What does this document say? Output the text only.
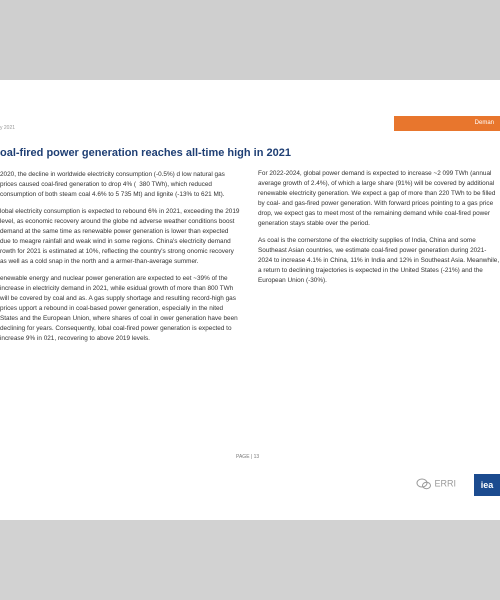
y 2021
Deman
oal-fired power generation reaches all-time high in 2021

2020, the decline in worldwide electricity consumption (-0.5%) d low natural gas prices caused coal-fired generation to drop 4% ( 380 TWh), which reduced consumption of both steam coal 4.6% to 5 735 Mt) and lignite (-13% to 621 Mt).

lobal electricity consumption is expected to rebound 6% in 2021, exceeding the 2019 level, as economic recovery around the globe nd adverse weather conditions boost demand at the same time as renewable power generation is lower than expected due to meagre rainfall and weak wind in some regions. China's electricity demand rowth for 2021 is estimated at 10%, reflecting the country's strong onomic recovery as well as a cold snap in the north and a armer-than-average summer.

enewable energy and nuclear power generation are expected to eet ~39% of the increase in electricity demand in 2021, while esidual growth of more than 800 TWh will be covered by coal and as. A gas supply shortage and resulting record-high gas prices upport a rebound in coal-based power generation, especially in the nited States and the European Union, where shares of coal in ower generation have been declining for years. Consequently, lobal coal-fired power generation is expected to increase 9% in 021, recovering to above 2019 levels.

For 2022-2024, global power demand is expected to increase ~2 099 TWh (annual average growth of 2.4%), of which a large share (91%) will be covered by additional renewable electricity generation. We expect a gap of more than 220 TWh to be filled by coal- and gas-fired power generation. With forward prices pointing to a gas price drop, we expect gas to meet most of the remaining demand while coal-fired power generation stays stable over the period.

As coal is the cornerstone of the electricity supplies of India, China and some Southeast Asian countries, we estimate coal-fired power generation during 2021-2024 to increase 4.1% in China, 11% in India and 12% in Southeast Asia. Meanwhile, a return to declining trajectories is expected in the United States (-21%) and the European Union (-30%).

PAGE | 13
ERRI	iea
